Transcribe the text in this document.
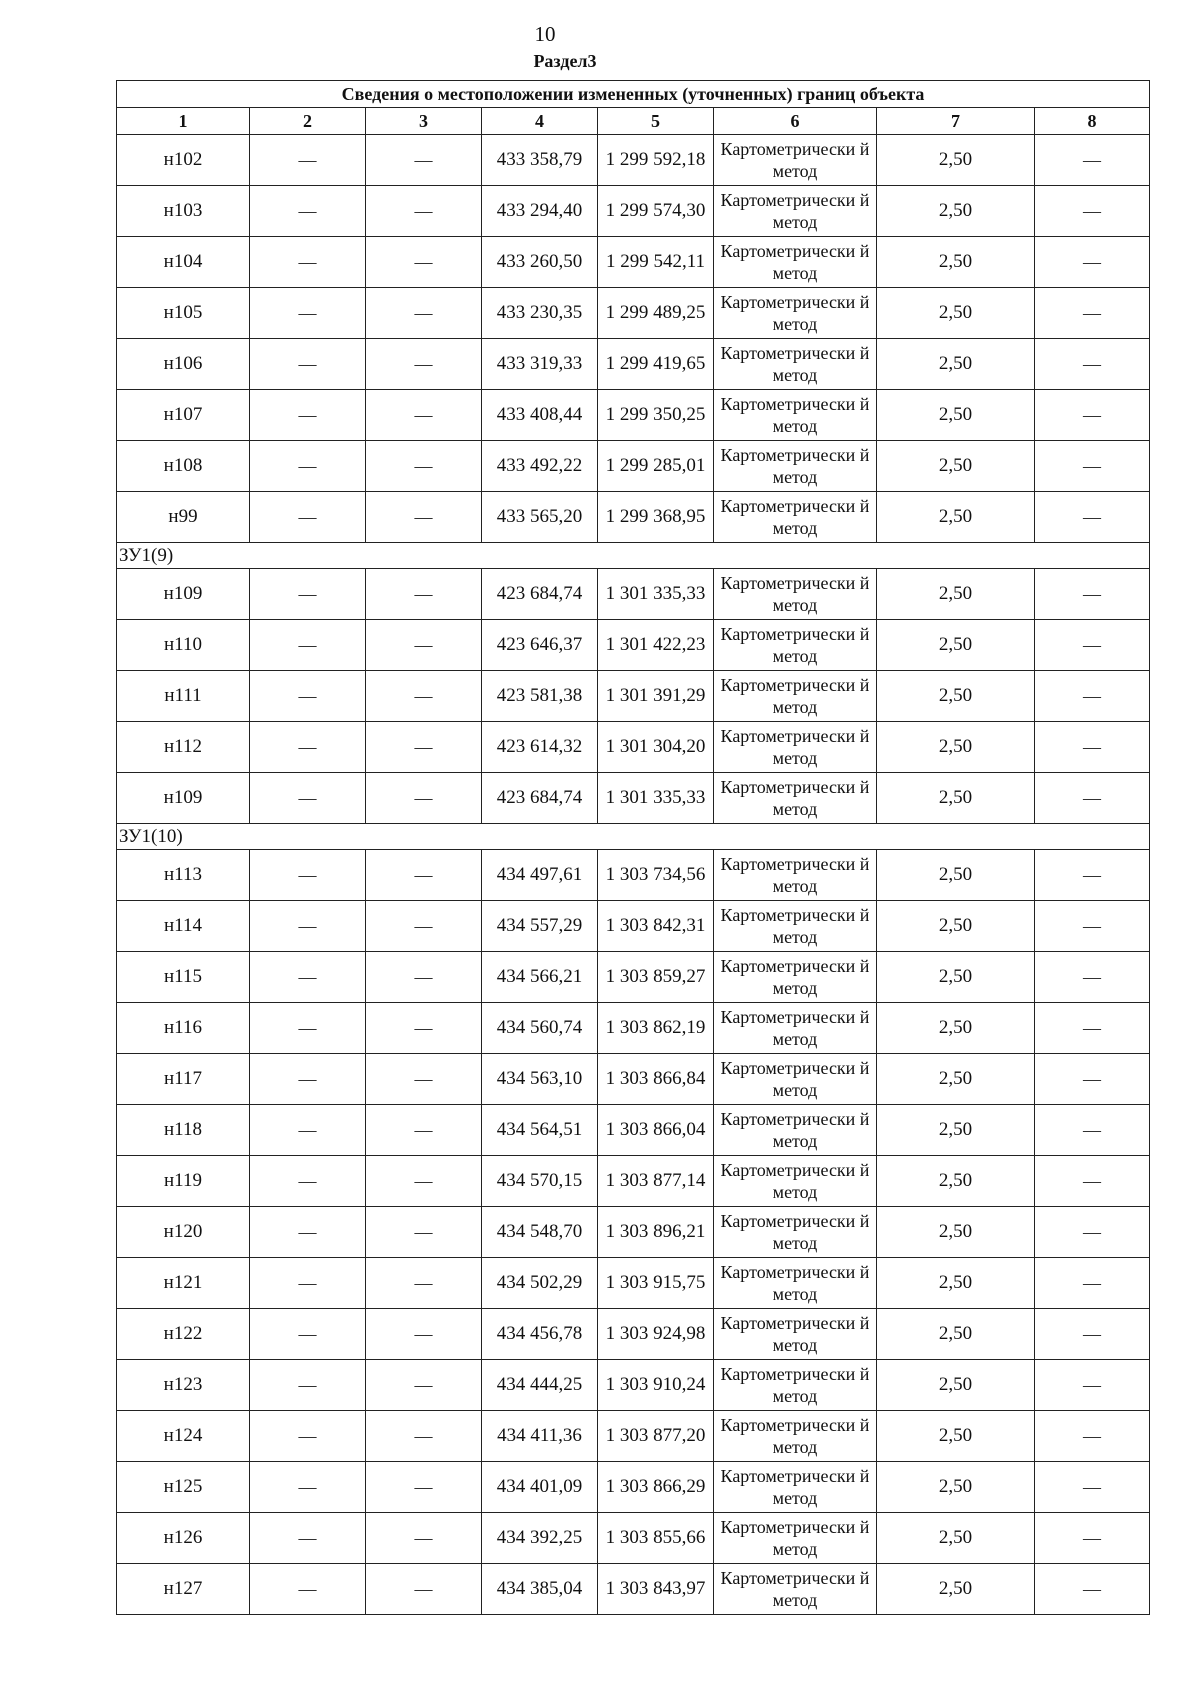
10
Раздел3
Сведения о местоположении измененных (уточненных) границ объекта							
1	2	3	4	5	6	7	8
н102	—	—	433 358,79	1 299 592,18	Картометрически й метод	2,50	—
н103	—	—	433 294,40	1 299 574,30	Картометрически й метод	2,50	—
н104	—	—	433 260,50	1 299 542,11	Картометрически й метод	2,50	—
н105	—	—	433 230,35	1 299 489,25	Картометрически й метод	2,50	—
н106	—	—	433 319,33	1 299 419,65	Картометрически й метод	2,50	—
н107	—	—	433 408,44	1 299 350,25	Картометрически й метод	2,50	—
н108	—	—	433 492,22	1 299 285,01	Картометрически й метод	2,50	—
н99	—	—	433 565,20	1 299 368,95	Картометрически й метод	2,50	—
ЗУ1(9)							
н109	—	—	423 684,74	1 301 335,33	Картометрически й метод	2,50	—
н110	—	—	423 646,37	1 301 422,23	Картометрически й метод	2,50	—
н111	—	—	423 581,38	1 301 391,29	Картометрически й метод	2,50	—
н112	—	—	423 614,32	1 301 304,20	Картометрически й метод	2,50	—
н109	—	—	423 684,74	1 301 335,33	Картометрически й метод	2,50	—
ЗУ1(10)							
н113	—	—	434 497,61	1 303 734,56	Картометрически й метод	2,50	—
н114	—	—	434 557,29	1 303 842,31	Картометрически й метод	2,50	—
н115	—	—	434 566,21	1 303 859,27	Картометрически й метод	2,50	—
н116	—	—	434 560,74	1 303 862,19	Картометрически й метод	2,50	—
н117	—	—	434 563,10	1 303 866,84	Картометрически й метод	2,50	—
н118	—	—	434 564,51	1 303 866,04	Картометрически й метод	2,50	—
н119	—	—	434 570,15	1 303 877,14	Картометрически й метод	2,50	—
н120	—	—	434 548,70	1 303 896,21	Картометрически й метод	2,50	—
н121	—	—	434 502,29	1 303 915,75	Картометрически й метод	2,50	—
н122	—	—	434 456,78	1 303 924,98	Картометрически й метод	2,50	—
н123	—	—	434 444,25	1 303 910,24	Картометрически й метод	2,50	—
н124	—	—	434 411,36	1 303 877,20	Картометрически й метод	2,50	—
н125	—	—	434 401,09	1 303 866,29	Картометрически й метод	2,50	—
н126	—	—	434 392,25	1 303 855,66	Картометрически й метод	2,50	—
н127	—	—	434 385,04	1 303 843,97	Картометрически й метод	2,50	—
